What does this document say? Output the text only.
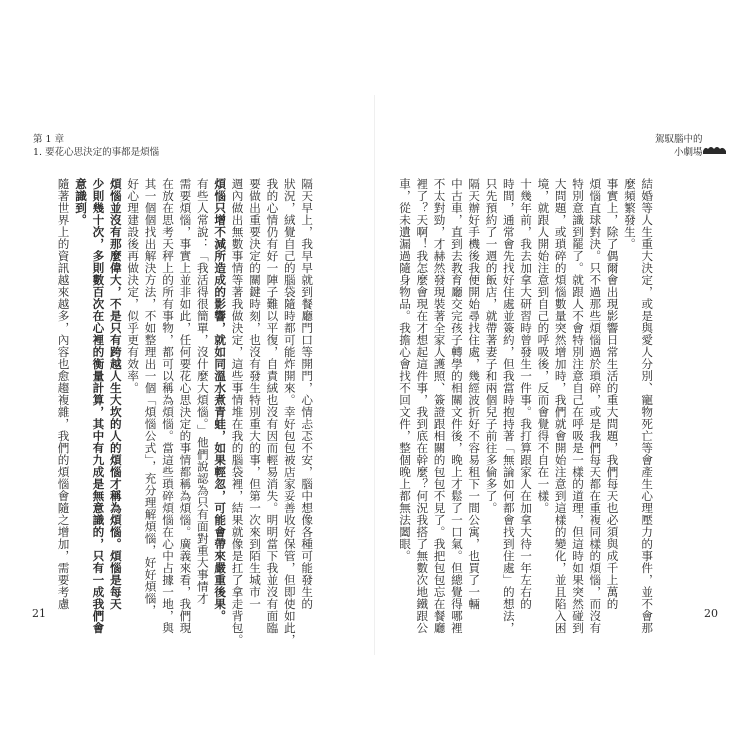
第 1 章
1. 要花心思決定的事都是煩惱
駕馭腦中的
小劇場
隔天早上，我早早就到餐廳門口等開門，心情忐忑不安，腦中想像各種可能發生的
狀況，絨覺自己的腦袋隨時都可能炸開來。幸好包包被店家妥善收好保管，但即使如此，
我的心情仍有好一陣子難以平復，自責絨也沒有因而輕易消失。明明當下我並沒有面臨
要做出重要決定的關鍵時刻，也沒有發生特別重大的事，但第一次來到陌生城市一
週內做出無數事情等著我做決定，這些事情堆在我的腦袋裡，結果就像是扛了拿走背包。
煩惱只增不減所造成的影響，就如同溫水煮青蛙，如果輕忽，可能會帶來嚴重後果。
有些人常說：「我活得很簡單，沒什麼大煩惱。」他們說認為只有面對重大事情才
需要煩惱，事實上並非如此，任何要花心思決定的事情都稱為煩惱。廣義來看，我們現
在放在思考天秤上的所有事物，都可以稱為煩惱。當這些瑣碎煩惱在心中占據一地，與
其一個個找出解決方法，不如整理出一個「煩惱公式」，充分理解煩惱，好好煩惱，
好心理建設後再做決定，似乎更有效率。
煩惱並沒有那麼偉大，不是只有跨越人生大坎的人的煩惱才稱為煩惱。煩惱是每天
少則幾十次，多則數百次在心裡的衡量計算，其中有九成是無意識的，只有一成我們會
意識到。
隨著世界上的資訊越來越多，內容也愈趨複雜，我們的煩惱會隨之增加，需要考慮	結婚等人生重大決定，或是與愛人分別、寵物死亡等會產生心理壓力的事件，並不會那
麼頻繁發生。
事實上，除了偶爾會出現影響日常生活的重大問題，我們每天也必須與成千上萬的
煩惱直球對決。只不過那些煩惱過於瑣碎，或是我們每天都在重複同樣的煩惱，而沒有
特別意識到罷了。就跟人不會特別注意自己在呼吸是一樣的道理，但這時如果突然碰到
大問題，或瑣碎的煩惱數量突然增加時，我們就會開始注意到這樣的變化，並且陷入困
境，就跟人開始注意到自己的呼吸後，反而會覺得不自在一樣。
十幾年前，我去加拿大研習時曾發生一件事。我打算跟家人在加拿大待一年左右的
時間，通常會先找好住處並簽約，但我當時抱持著「無論如何都會找到住處」的想法，
只先預約了一週的飯店，就帶著妻子和兩個兒子前往多倫多了。
隔天辦好手機後我便開始尋找住處，幾經波折好不容易租下一間公寓，也買了一輛
中古車，直到去教育廳交完孩子轉學的相關文件後，晚上才鬆了一口氣。但總覺得哪裡
不太對勁，才赫然發現裝著全家人護照、簽證跟相關的包包不見了。我把包包忘在餐廳
裡了？天啊！我怎麼會現在才想起這件事，我到底在幹麼？何況我搭了無數次地鐵跟公
車，從未遺漏過隨身物品。我擔心會找不回文件，整個晚上都無法闔眼。
21	20
